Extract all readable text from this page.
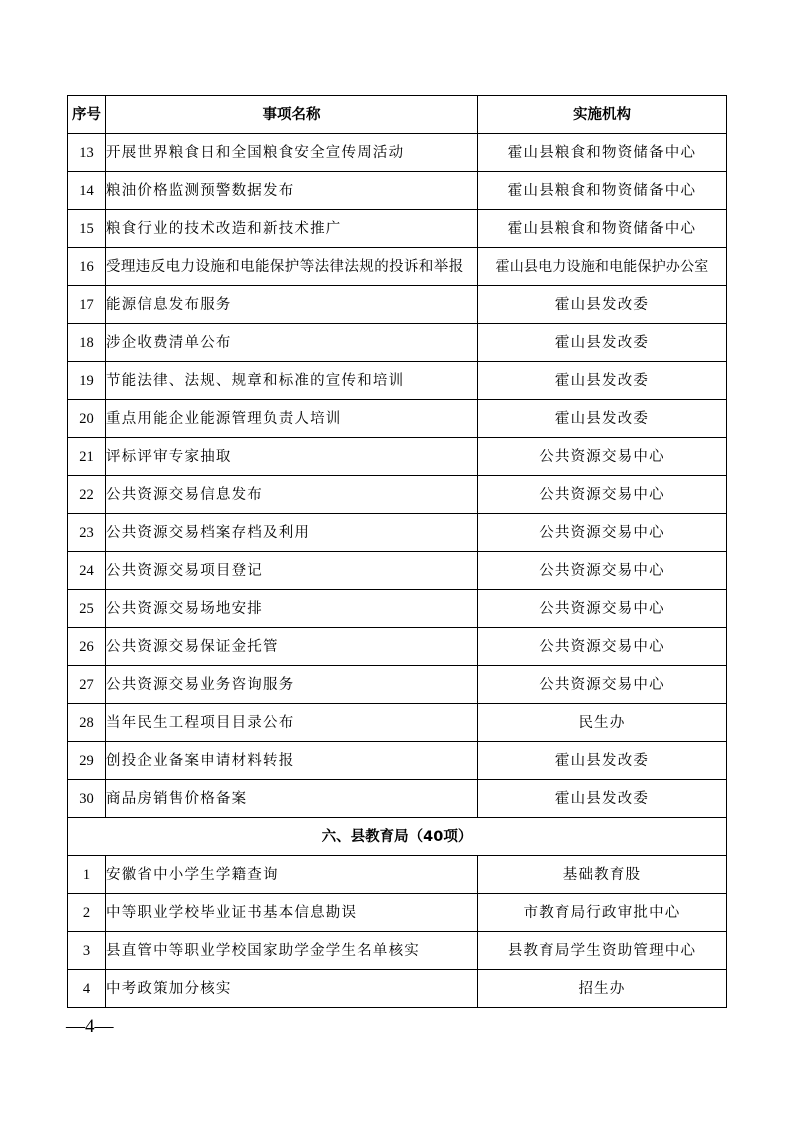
序号	事项名称	实施机构
13	开展世界粮食日和全国粮食安全宣传周活动	霍山县粮食和物资储备中心
14	粮油价格监测预警数据发布	霍山县粮食和物资储备中心
15	粮食行业的技术改造和新技术推广	霍山县粮食和物资储备中心
16	受理违反电力设施和电能保护等法律法规的投诉和举报	霍山县电力设施和电能保护办公室
17	能源信息发布服务	霍山县发改委
18	涉企收费清单公布	霍山县发改委
19	节能法律、法规、规章和标准的宣传和培训	霍山县发改委
20	重点用能企业能源管理负责人培训	霍山县发改委
21	评标评审专家抽取	公共资源交易中心
22	公共资源交易信息发布	公共资源交易中心
23	公共资源交易档案存档及利用	公共资源交易中心
24	公共资源交易项目登记	公共资源交易中心
25	公共资源交易场地安排	公共资源交易中心
26	公共资源交易保证金托管	公共资源交易中心
27	公共资源交易业务咨询服务	公共资源交易中心
28	当年民生工程项目目录公布	民生办
29	创投企业备案申请材料转报	霍山县发改委
30	商品房销售价格备案	霍山县发改委
六、县教育局（40项）		
1	安徽省中小学生学籍查询	基础教育股
2	中等职业学校毕业证书基本信息勘误	市教育局行政审批中心
3	县直管中等职业学校国家助学金学生名单核实	县教育局学生资助管理中心
4	中考政策加分核实	招生办
—4—
